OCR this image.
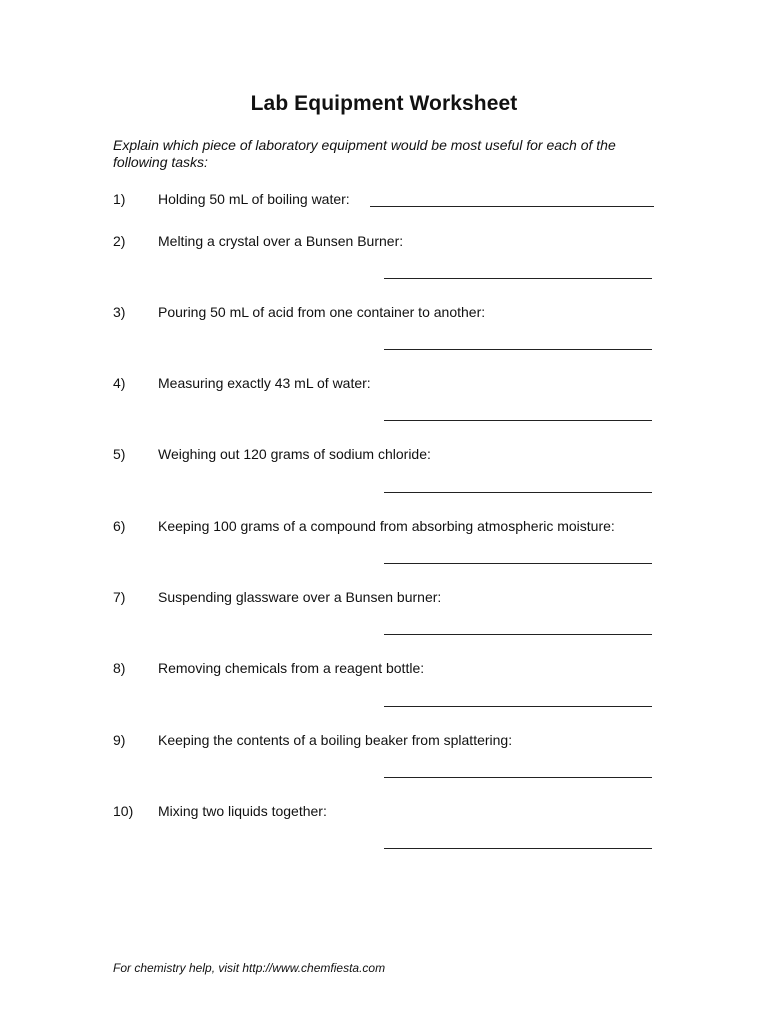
Lab Equipment Worksheet

Explain which piece of laboratory equipment would be most useful for each of the following tasks:

1) Holding 50 mL of boiling water:
2) Melting a crystal over a Bunsen Burner:
3) Pouring 50 mL of acid from one container to another:
4) Measuring exactly 43 mL of water:
5) Weighing out 120 grams of sodium chloride:
6) Keeping 100 grams of a compound from absorbing atmospheric moisture:
7) Suspending glassware over a Bunsen burner:
8) Removing chemicals from a reagent bottle:
9) Keeping the contents of a boiling beaker from splattering:
10) Mixing two liquids together:
For chemistry help, visit http://www.chemfiesta.com
